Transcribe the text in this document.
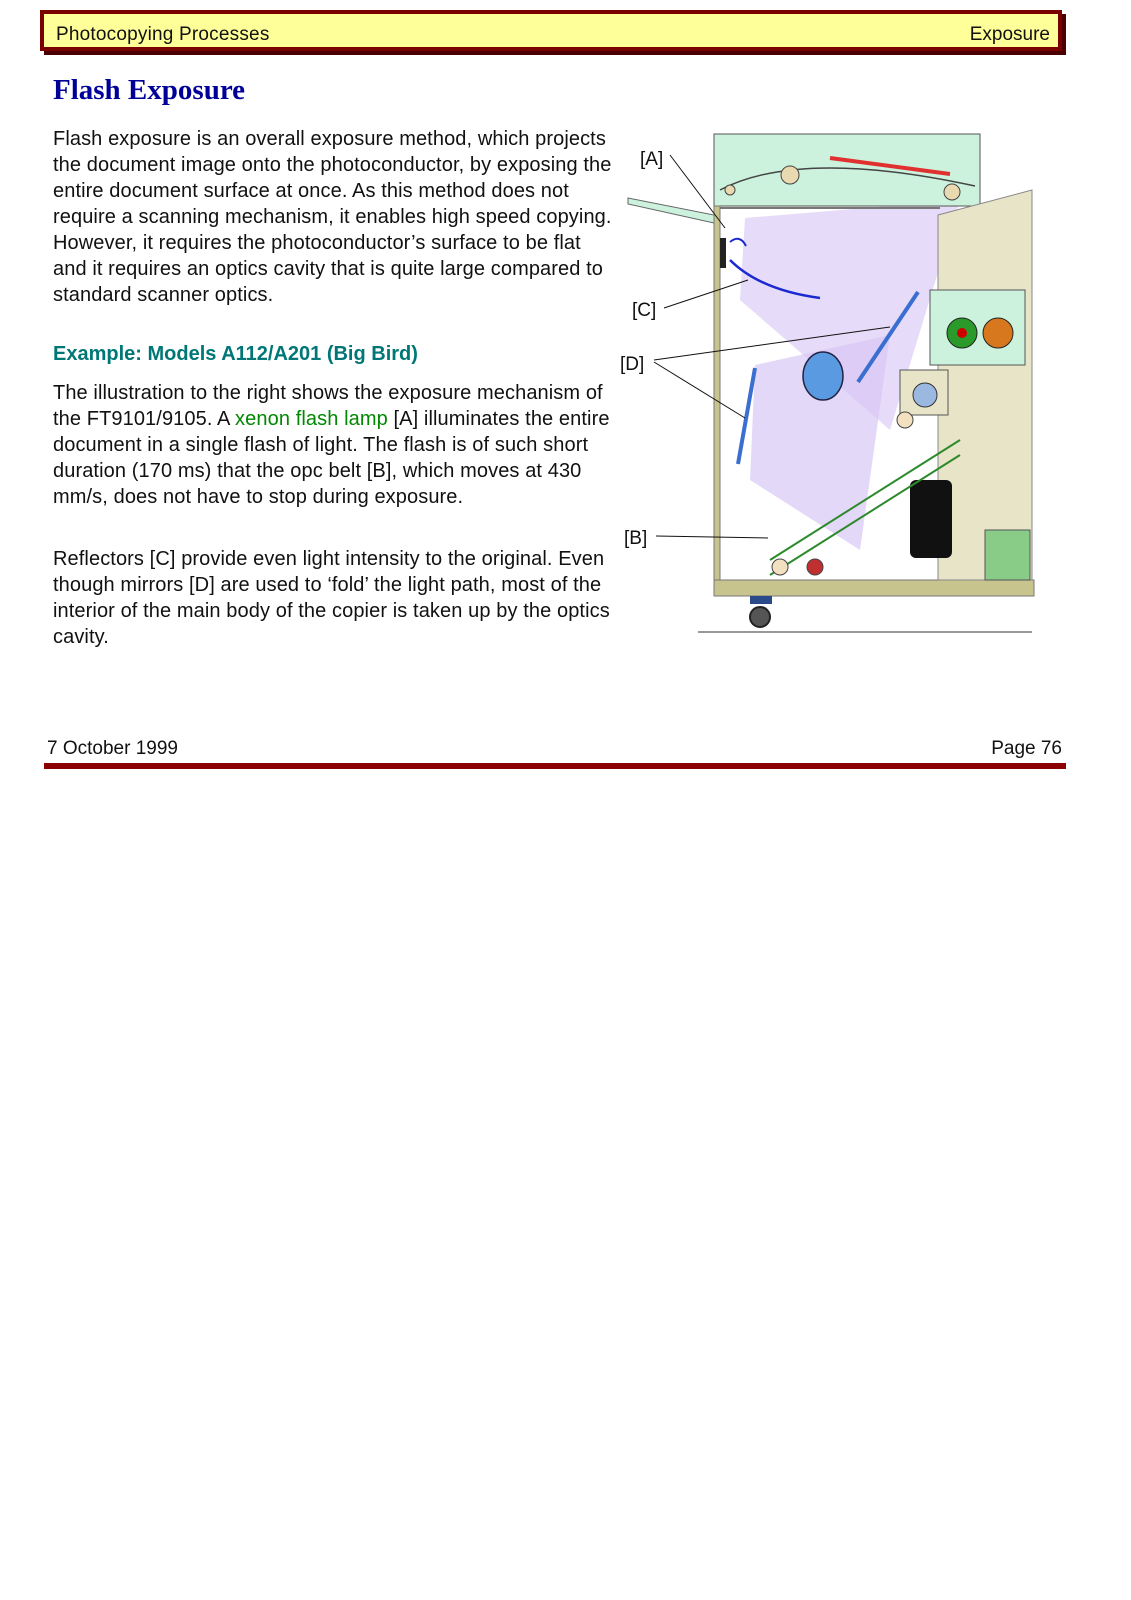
Photocopying Processes	Exposure
Flash Exposure

Flash exposure is an overall exposure method, which projects the document image onto the photoconductor, by exposing the entire document surface at once. As this method does not require a scanning mechanism, it enables high speed copying. However, it requires the photoconductor’s surface to be flat and it requires an optics cavity that is quite large compared to standard scanner optics.

Example: Models A112/A201 (Big Bird)

The illustration to the right shows the exposure mechanism of the FT9101/9105. A xenon flash lamp [A] illuminates the entire document in a single flash of light. The flash is of such short duration (170 ms) that the opc belt [B], which moves at 430 mm/s, does not have to stop during exposure.

Reflectors [C] provide even light intensity to the original. Even though mirrors [D] are used to ‘fold’ the light path, most of the interior of the main body of the copier is taken up by the optics cavity.

[A]
[C]
[D]
[B]
7 October 1999	Page 76
